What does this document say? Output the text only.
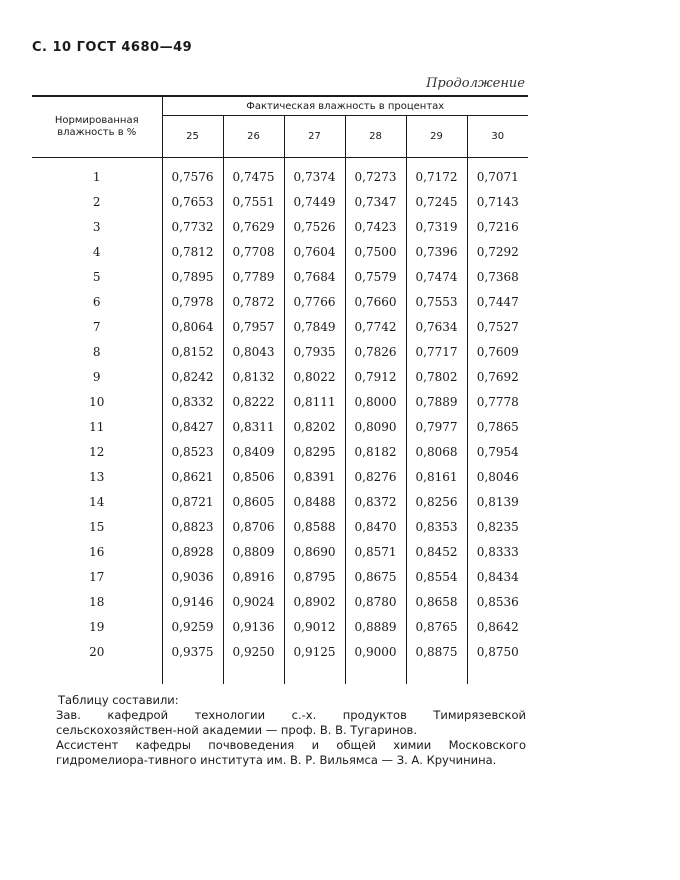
С. 10 ГОСТ 4680—49
Продолжение
Нормированная влажность в %	Фактическая влажность в процентах					
	25	26	27	28	29	30
1	0,7576	0,7475	0,7374	0,7273	0,7172	0,7071
2	0,7653	0,7551	0,7449	0,7347	0,7245	0,7143
3	0,7732	0,7629	0,7526	0,7423	0,7319	0,7216
4	0,7812	0,7708	0,7604	0,7500	0,7396	0,7292
5	0,7895	0,7789	0,7684	0,7579	0,7474	0,7368
6	0,7978	0,7872	0,7766	0,7660	0,7553	0,7447
7	0,8064	0,7957	0,7849	0,7742	0,7634	0,7527
8	0,8152	0,8043	0,7935	0,7826	0,7717	0,7609
9	0,8242	0,8132	0,8022	0,7912	0,7802	0,7692
10	0,8332	0,8222	0,8111	0,8000	0,7889	0,7778
11	0,8427	0,8311	0,8202	0,8090	0,7977	0,7865
12	0,8523	0,8409	0,8295	0,8182	0,8068	0,7954
13	0,8621	0,8506	0,8391	0,8276	0,8161	0,8046
14	0,8721	0,8605	0,8488	0,8372	0,8256	0,8139
15	0,8823	0,8706	0,8588	0,8470	0,8353	0,8235
16	0,8928	0,8809	0,8690	0,8571	0,8452	0,8333
17	0,9036	0,8916	0,8795	0,8675	0,8554	0,8434
18	0,9146	0,9024	0,8902	0,8780	0,8658	0,8536
19	0,9259	0,9136	0,9012	0,8889	0,8765	0,8642
20	0,9375	0,9250	0,9125	0,9000	0,8875	0,8750

Таблицу составили:

Зав. кафедрой технологии с.-х. продуктов Тимирязевской сельскохозяйствен-ной академии — проф. В. В. Тугаринов.

Ассистент кафедры почвоведения и общей химии Московского гидромелиора-тивного института им. В. Р. Вильямса — З. А. Кручинина.
